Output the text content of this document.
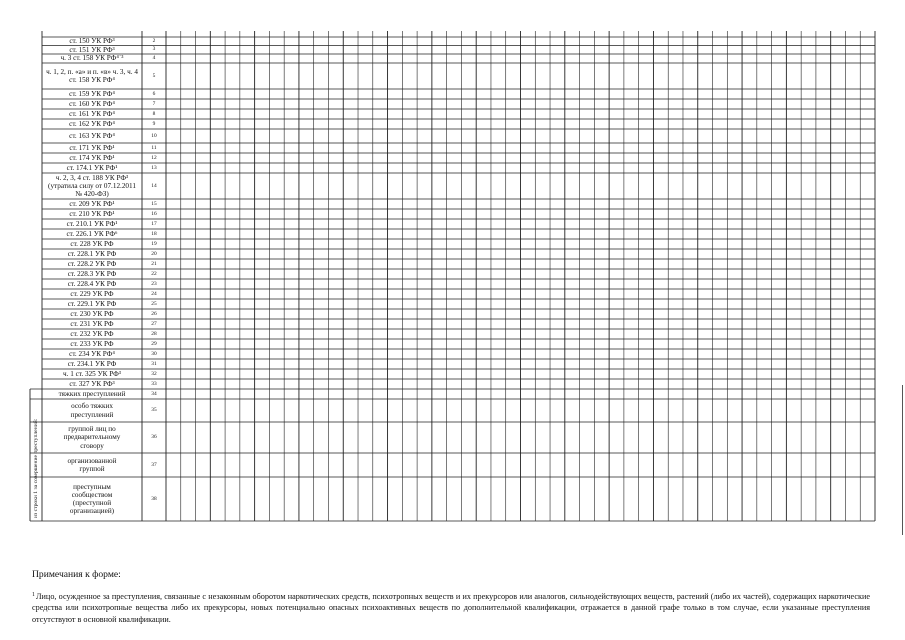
ст. 150 УК РФ³	2
ст. 151 УК РФ³	3
ч. 3 ст. 158 УК РФ⁴˙³	4
ч. 1, 2, п. «а» и п. «в» ч. 3, ч. 4
ст. 158 УК РФ⁴
5
ст. 159 УК РФ⁴	6
ст. 160 УК РФ⁴	7
ст. 161 УК РФ⁴	8
ст. 162 УК РФ⁴	9
ст. 163 УК РФ⁴	10
ст. 171 УК РФ¹	11
ст. 174 УК РФ¹	12
ст. 174.1 УК РФ¹	13
ч. 2, 3, 4 ст. 188 УК РФ³
(утратила силу от 07.12.2011
№ 420-ФЗ)
14
ст. 209 УК РФ¹	15
ст. 210 УК РФ¹	16
ст. 210.1 УК РФ¹	17
ст. 226.1 УК РФ⁶	18
ст. 228 УК РФ	19
ст. 228.1 УК РФ	20
ст. 228.2 УК РФ	21
ст. 228.3 УК РФ	22
ст. 228.4 УК РФ	23
ст. 229 УК РФ	24
ст. 229.1 УК РФ	25
ст. 230 УК РФ	26
ст. 231 УК РФ	27
ст. 232 УК РФ	28
ст. 233 УК РФ	29
ст. 234 УК РФ⁴	30
ст. 234.1 УК РФ	31
ч. 1 ст. 325 УК РФ³	32
ст. 327 УК РФ³	33
тяжких преступлений	34
особо тяжких
преступлений
35
группой лиц по
предварительному
сговору
36
организованной
группой
37
преступным
сообществом
(преступной
организацией)
38
из строки 1 за совершение преступлений:
Примечания к форме:
$^1$Лицо, осужденное за преступления, связанные с незаконным оборотом наркотических средств, психотропных веществ и их прекурсоров или аналогов, сильнодействующих веществ, растений (либо их частей), содержащих наркотические средства или психотропные вещества либо их прекурсоры, новых потенциально опасных психоактивных веществ по дополнительной квалификации, отражается в данной графе только в том случае, если указанные преступления отсутствуют в основной квалификации.
